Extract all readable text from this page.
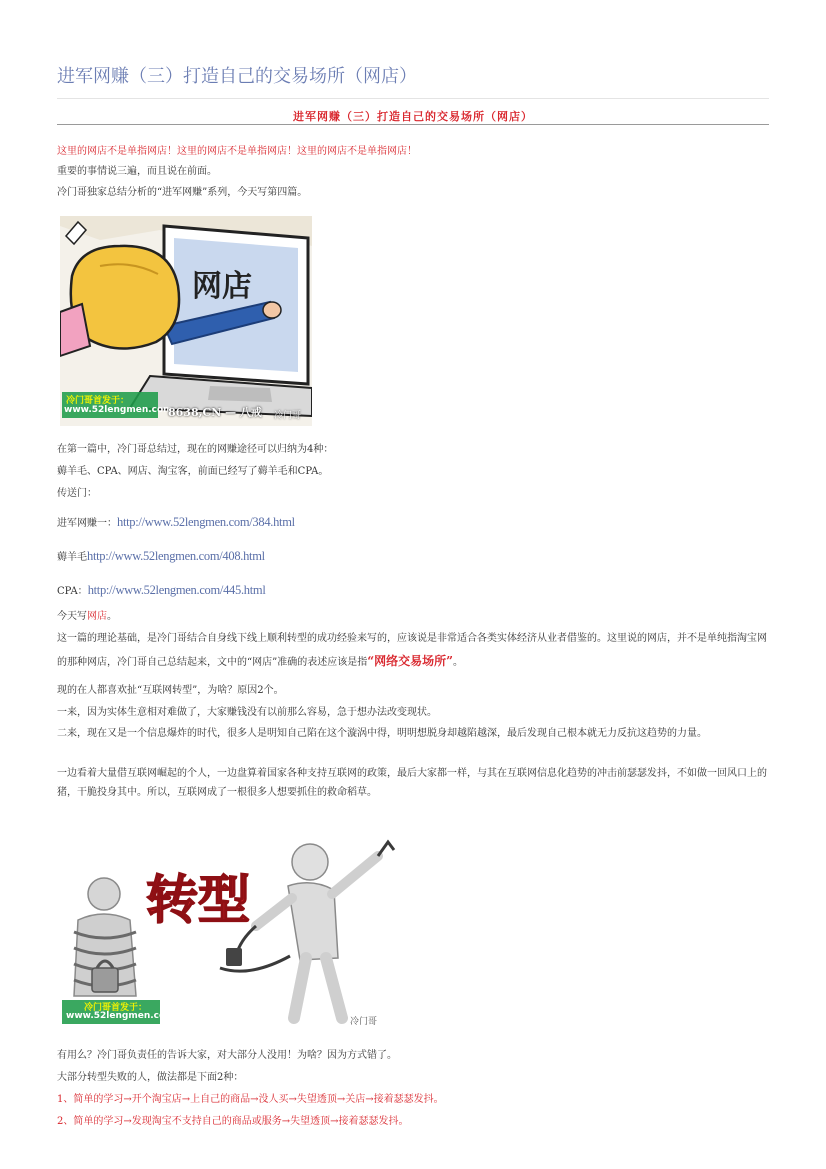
进军网赚（三）打造自己的交易场所（网店）
进军网赚（三）打造自己的交易场所（网店）

这里的网店不是单指网店！这里的网店不是单指网店！这里的网店不是单指网店！

重要的事情说三遍，而且说在前面。

冷门哥独家总结分析的“进军网赚”系列，今天写第四篇。

网店
冷门哥首发于：
www.52lengmen.com
8638,CN — 八戒 冷门哥

在第一篇中，冷门哥总结过，现在的网赚途径可以归纳为4种：

薅羊毛、CPA、网店、淘宝客，前面已经写了薅羊毛和CPA。

传送门：

进军网赚一：http://www.52lengmen.com/384.html

薅羊毛http://www.52lengmen.com/408.html

CPA：http://www.52lengmen.com/445.html

今天写网店。

这一篇的理论基础，是冷门哥结合自身线下线上顺利转型的成功经验来写的，应该说是非常适合各类实体经济从业者借鉴的。这里说的网店，并不是单纯指淘宝网的那种网店，冷门哥自己总结起来，文中的“网店”准确的表述应该是指“网络交易场所”。

现的在人都喜欢扯“互联网转型”，为啥？原因2个。

一来，因为实体生意相对难做了，大家赚钱没有以前那么容易，急于想办法改变现状。

二来，现在又是一个信息爆炸的时代，很多人是明知自己陷在这个漩涡中得，明明想脱身却越陷越深，最后发现自己根本就无力反抗这趋势的力量。

一边看着大量借互联网崛起的个人，一边盘算着国家各种支持互联网的政策，最后大家都一样，与其在互联网信息化趋势的冲击前瑟瑟发抖，不如做一回风口上的猪，干脆投身其中。所以，互联网成了一根很多人想要抓住的救命稻草。

转型
冷门哥首发于：
www.52lengmen.com
冷门哥

有用么？冷门哥负责任的告诉大家，对大部分人没用！为啥？因为方式错了。

大部分转型失败的人，做法都是下面2种：

1、简单的学习→开个淘宝店→上自己的商品→没人买→失望透顶→关店→接着瑟瑟发抖。

2、简单的学习→发现淘宝不支持自己的商品或服务→失望透顶→接着瑟瑟发抖。
